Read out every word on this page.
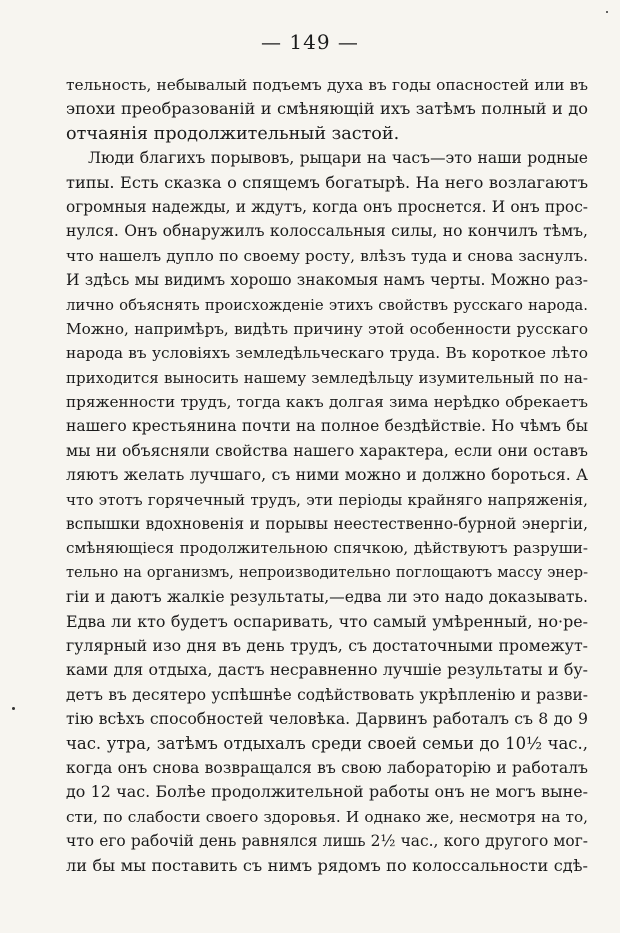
— 149 —
тельность, небывалый подъемъ духа въ годы опасностей или въ
эпохи преобразованій и смѣняющій ихъ затѣмъ полный и до
отчаянія продолжительный застой.
Люди благихъ порывовъ, рыцари на часъ—это наши родные
типы. Есть сказка о спящемъ богатырѣ. На него возлагаютъ
огромныя надежды, и ждутъ, когда онъ проснется. И онъ прос-
нулся. Онъ обнаружилъ колоссальныя силы, но кончилъ тѣмъ,
что нашелъ дупло по своему росту, влѣзъ туда и снова заснулъ.
И здѣсь мы видимъ хорошо знакомыя намъ черты. Можно раз-
лично объяснять происхожденіе этихъ свойствъ русскаго народа.
Можно, напримѣръ, видѣть причину этой особенности русскаго
народа въ условіяхъ земледѣльческаго труда. Въ короткое лѣто
приходится выносить нашему земледѣльцу изумительный по на-
пряженности трудъ, тогда какъ долгая зима нерѣдко обрекаетъ
нашего крестьянина почти на полное бездѣйствіе. Но чѣмъ бы
мы ни объясняли свойства нашего характера, если они оставъ
ляютъ желать лучшаго, съ ними можно и должно бороться. А
что этотъ горячечный трудъ, эти періоды крайняго напряженія,
вспышки вдохновенія и порывы неестественно-бурной энергіи,
смѣняющіеся продолжительною спячкою, дѣйствуютъ разруши-
тельно на организмъ, непроизводительно поглощаютъ массу энер-
гіи и даютъ жалкіе результаты,—едва ли это надо доказывать.
Едва ли кто будетъ оспаривать, что самый умѣренный, но·ре-
гулярный изо дня въ день трудъ, съ достаточными промежут-
ками для отдыха, дастъ несравненно лучшіе результаты и бу-
детъ въ десятеро успѣшнѣе содѣйствовать укрѣпленію и разви-
тію всѣхъ способностей человѣка. Дарвинъ работалъ съ 8 до 9
час. утра, затѣмъ отдыхалъ среди своей семьи до 10½ час.,
когда онъ снова возвращался въ свою лабораторію и работалъ
до 12 час. Болѣе продолжительной работы онъ не могъ выне-
сти, по слабости своего здоровья. И однако же, несмотря на то,
что его рабочій день равнялся лишь 2½ час., кого другого мог-
ли бы мы поставить съ нимъ рядомъ по колоссальности сдѣ-
